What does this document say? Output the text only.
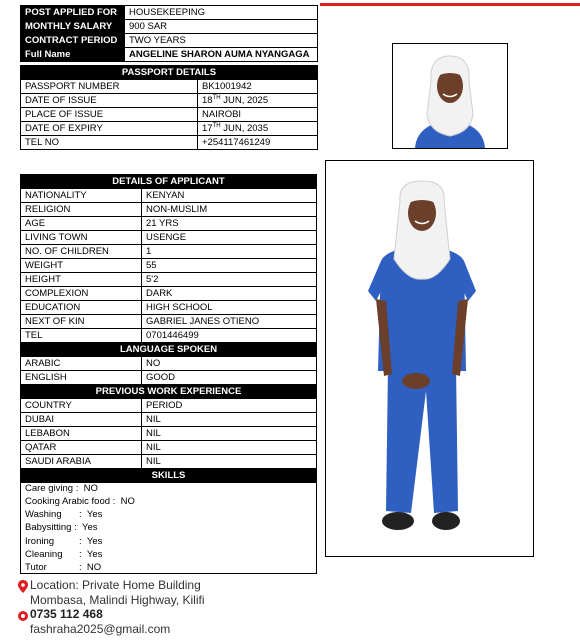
POST APPLIED FOR	HOUSEKEEPING
MONTHLY SALARY	900 SAR
CONTRACT PERIOD	TWO YEARS
Full Name	ANGELINE SHARON AUMA NYANGAGA
PASSPORT DETAILS	
PASSPORT NUMBER	BK1001942
DATE OF ISSUE	18TH JUN, 2025
PLACE OF ISSUE	NAIROBI
DATE OF EXPIRY	17TH JUN, 2035
TEL NO	+254117461249
DETAILS OF APPLICANT	
NATIONALITY	KENYAN
RELIGION	NON-MUSLIM
AGE	21 YRS
LIVING TOWN	USENGE
NO. OF CHILDREN	1
WEIGHT	55
HEIGHT	5'2
COMPLEXION	DARK
EDUCATION	HIGH SCHOOL
NEXT OF KIN	GABRIEL JANES OTIENO
TEL	0701446499
LANGUAGE SPOKEN	
ARABIC	NO
ENGLISH	GOOD
PREVIOUS WORK EXPERIENCE	
COUNTRY	PERIOD
DUBAI	NIL
LEBABON	NIL
QATAR	NIL
SAUDI ARABIA	NIL
SKILLS	
Care giving : NO
Cooking Arabic food : NO
Washing :  Yes
Babysitting : Yes
Ironing	:  Yes
Cleaning :  Yes
Tutor	:  NO
Location: Private Home Building
Mombasa, Malindi Highway, Kilifi
0735 112 468
fashraha2025@gmail.com
